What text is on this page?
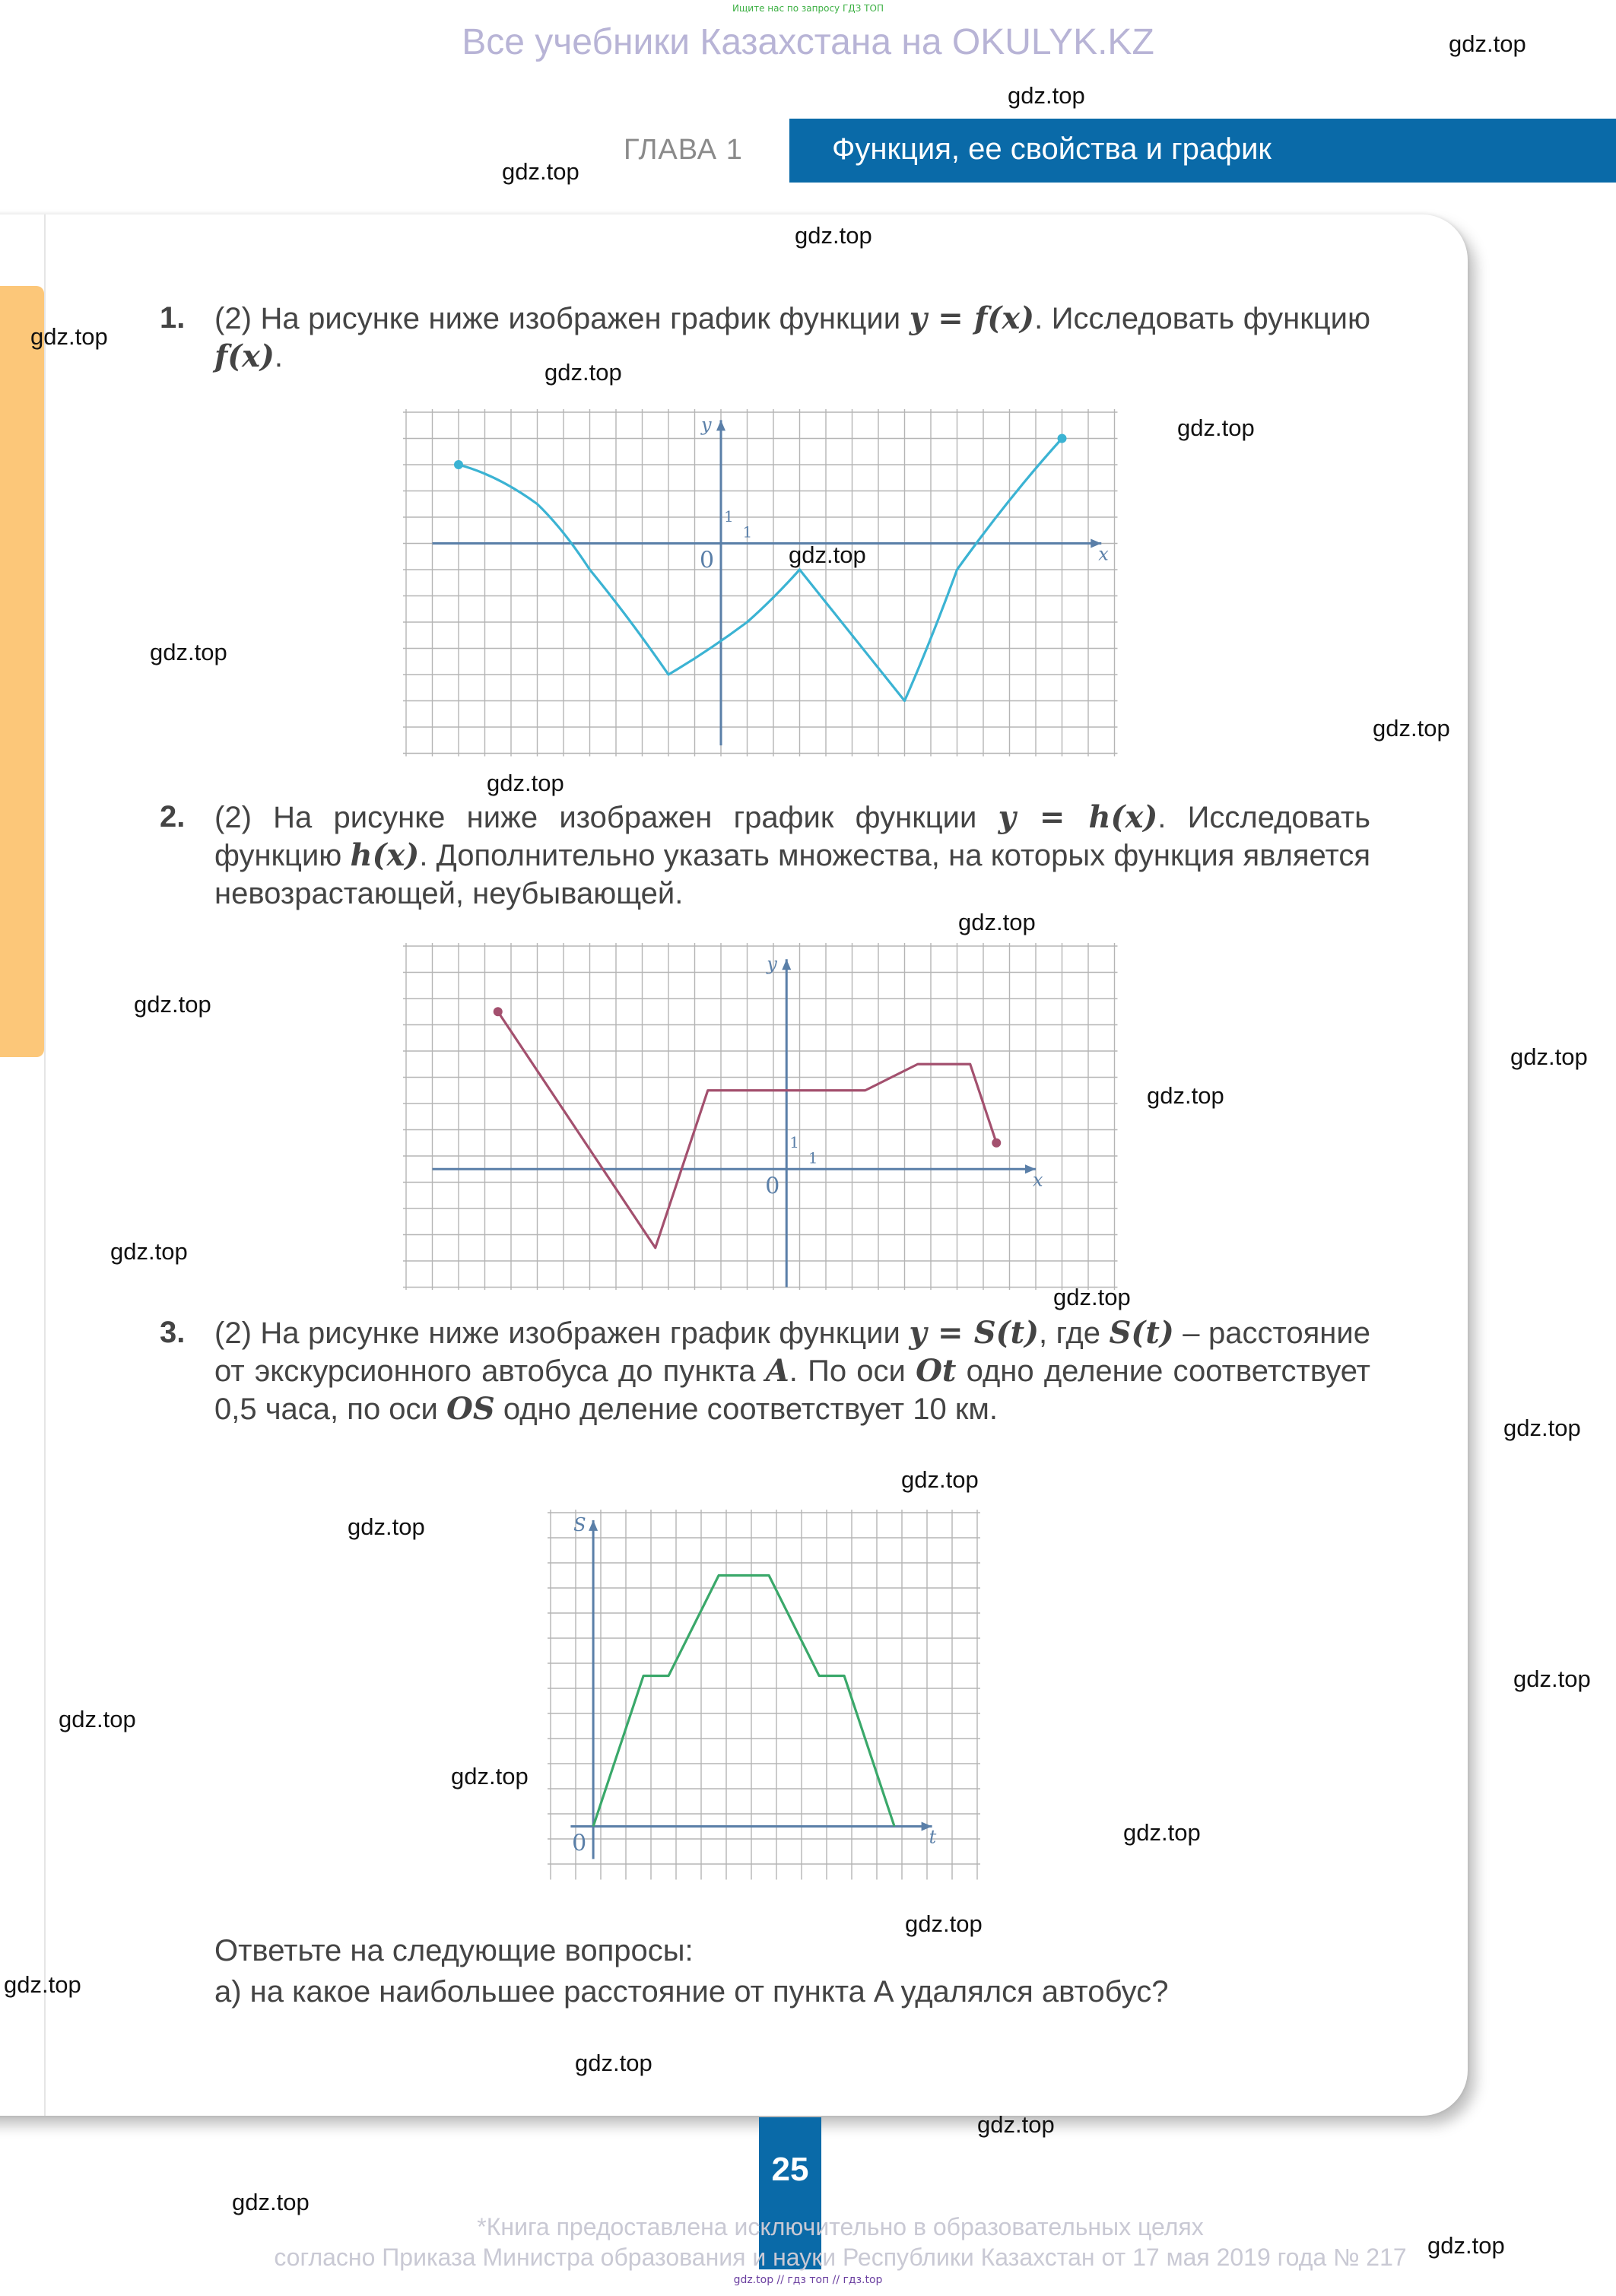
Ищите нас по запросу ГДЗ ТОП
Все учебники Казахстана на OKULYK.KZ	gdz.top
gdz.top
gdz.top
ГЛАВА 1	Функция, ее свойства и график
gdz.top
gdz.top
1. (2) На рисунке ниже изображен график функции y = f(x). Исследовать функцию f(x).	gdz.top
x
y
0
1
1
gdz.top
gdz.top
gdz.top
gdz.top
gdz.top
2. (2) На рисунке ниже изображен график функции y = h(x). Исследовать функцию h(x). Дополнительно указать множества, на которых функция является невозрастающей, неубывающей.
gdz.top
x
y
0
1
1
gdz.top
gdz.top
gdz.top
gdz.top
gdz.top
3. (2) На рисунке ниже изображен график функции y = S(t), где S(t) – расстояние от экскурсионного автобуса до пункта A. По оси Ot одно деление соответствует 0,5 часа, по оси OS одно деление соответствует 10 км.
gdz.top
gdz.top
gdz.top
t
S
0
gdz.top
gdz.top
gdz.top
gdz.top
gdz.top
Ответьте на следующие вопросы:
а) на какое наибольшее расстояние от пункта A удалялся автобус?
gdz.top
gdz.top
25
gdz.top
gdz.top
gdz.top
*Книга предоставлена исключительно в образовательных целях
согласно Приказа Министра образования и науки Республики Казахстан от 17 мая 2019 года № 217
gdz.top // гдз топ // гдз.top
